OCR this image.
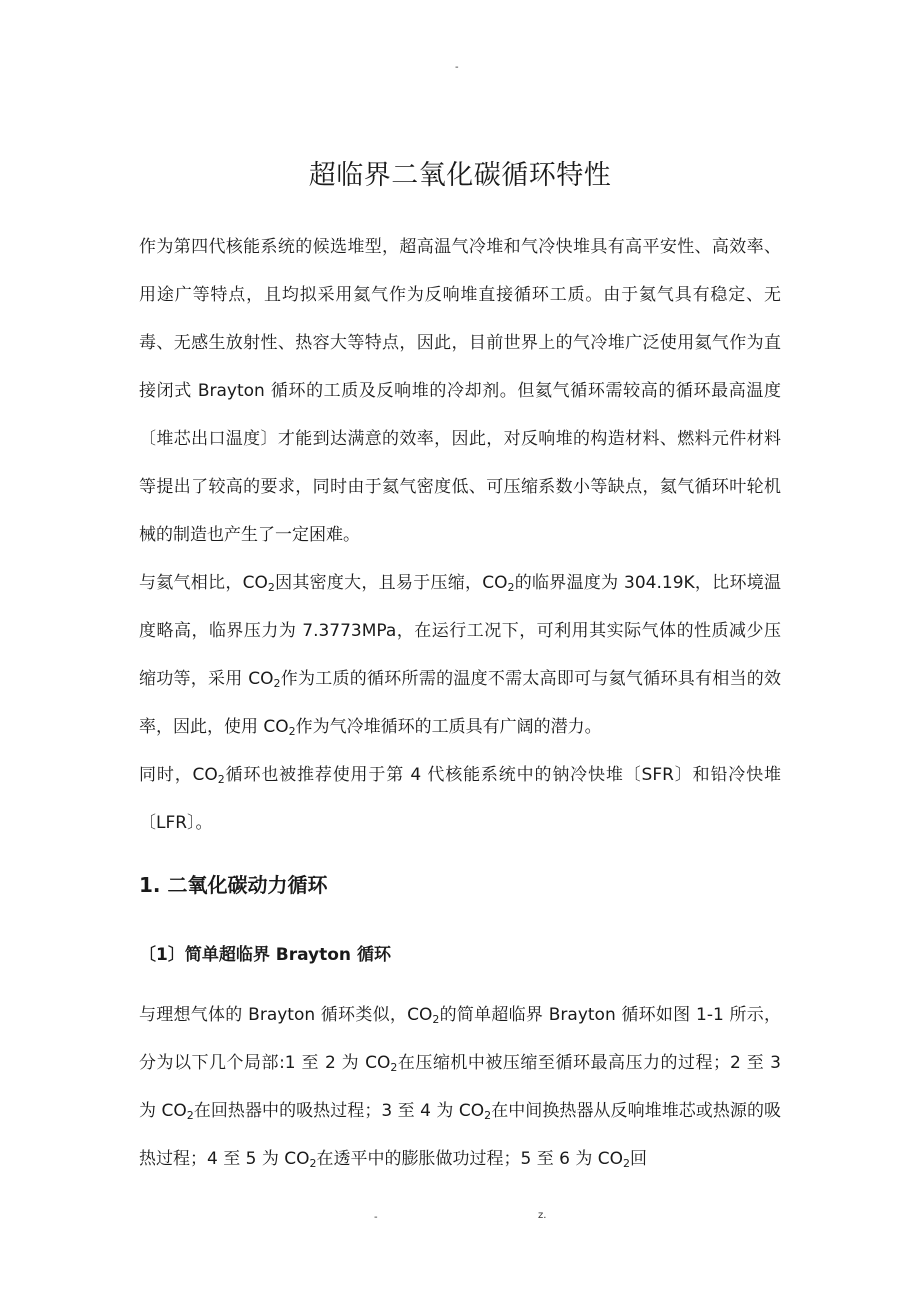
-
超临界二氧化碳循环特性

作为第四代核能系统的候选堆型，超高温气冷堆和气冷快堆具有高平安性、高效率、用途广等特点，且均拟采用氦气作为反响堆直接循环工质。由于氦气具有稳定、无毒、无感生放射性、热容大等特点，因此，目前世界上的气冷堆广泛使用氦气作为直接闭式 Brayton 循环的工质及反响堆的冷却剂。但氦气循环需较高的循环最高温度〔堆芯出口温度〕才能到达满意的效率，因此，对反响堆的构造材料、燃料元件材料等提出了较高的要求，同时由于氦气密度低、可压缩系数小等缺点，氦气循环叶轮机械的制造也产生了一定困难。

与氦气相比，$CO_2$因其密度大，且易于压缩，$CO_2$的临界温度为 304.19K，比环境温度略高，临界压力为 7.3773MPa，在运行工况下，可利用其实际气体的性质减少压缩功等，采用 $CO_2$作为工质的循环所需的温度不需太高即可与氦气循环具有相当的效率，因此，使用 $CO_2$作为气冷堆循环的工质具有广阔的潜力。

同时，$CO_2$循环也被推荐使用于第 4 代核能系统中的钠冷快堆〔SFR〕和铅冷快堆〔LFR〕。

1. 二氧化碳动力循环
〔1〕简单超临界 Brayton 循环

与理想气体的 Brayton 循环类似，$CO_2$的简单超临界 Brayton 循环如图 1-1 所示，分为以下几个局部:1 至 2 为 $CO_2$在压缩机中被压缩至循环最高压力的过程；2 至 3 为 $CO_2$在回热器中的吸热过程；3 至 4 为 $CO_2$在中间换热器从反响堆堆芯或热源的吸热过程；4 至 5 为 $CO_2$在透平中的膨胀做功过程；5 至 6 为 $CO_2$回

-	z.
